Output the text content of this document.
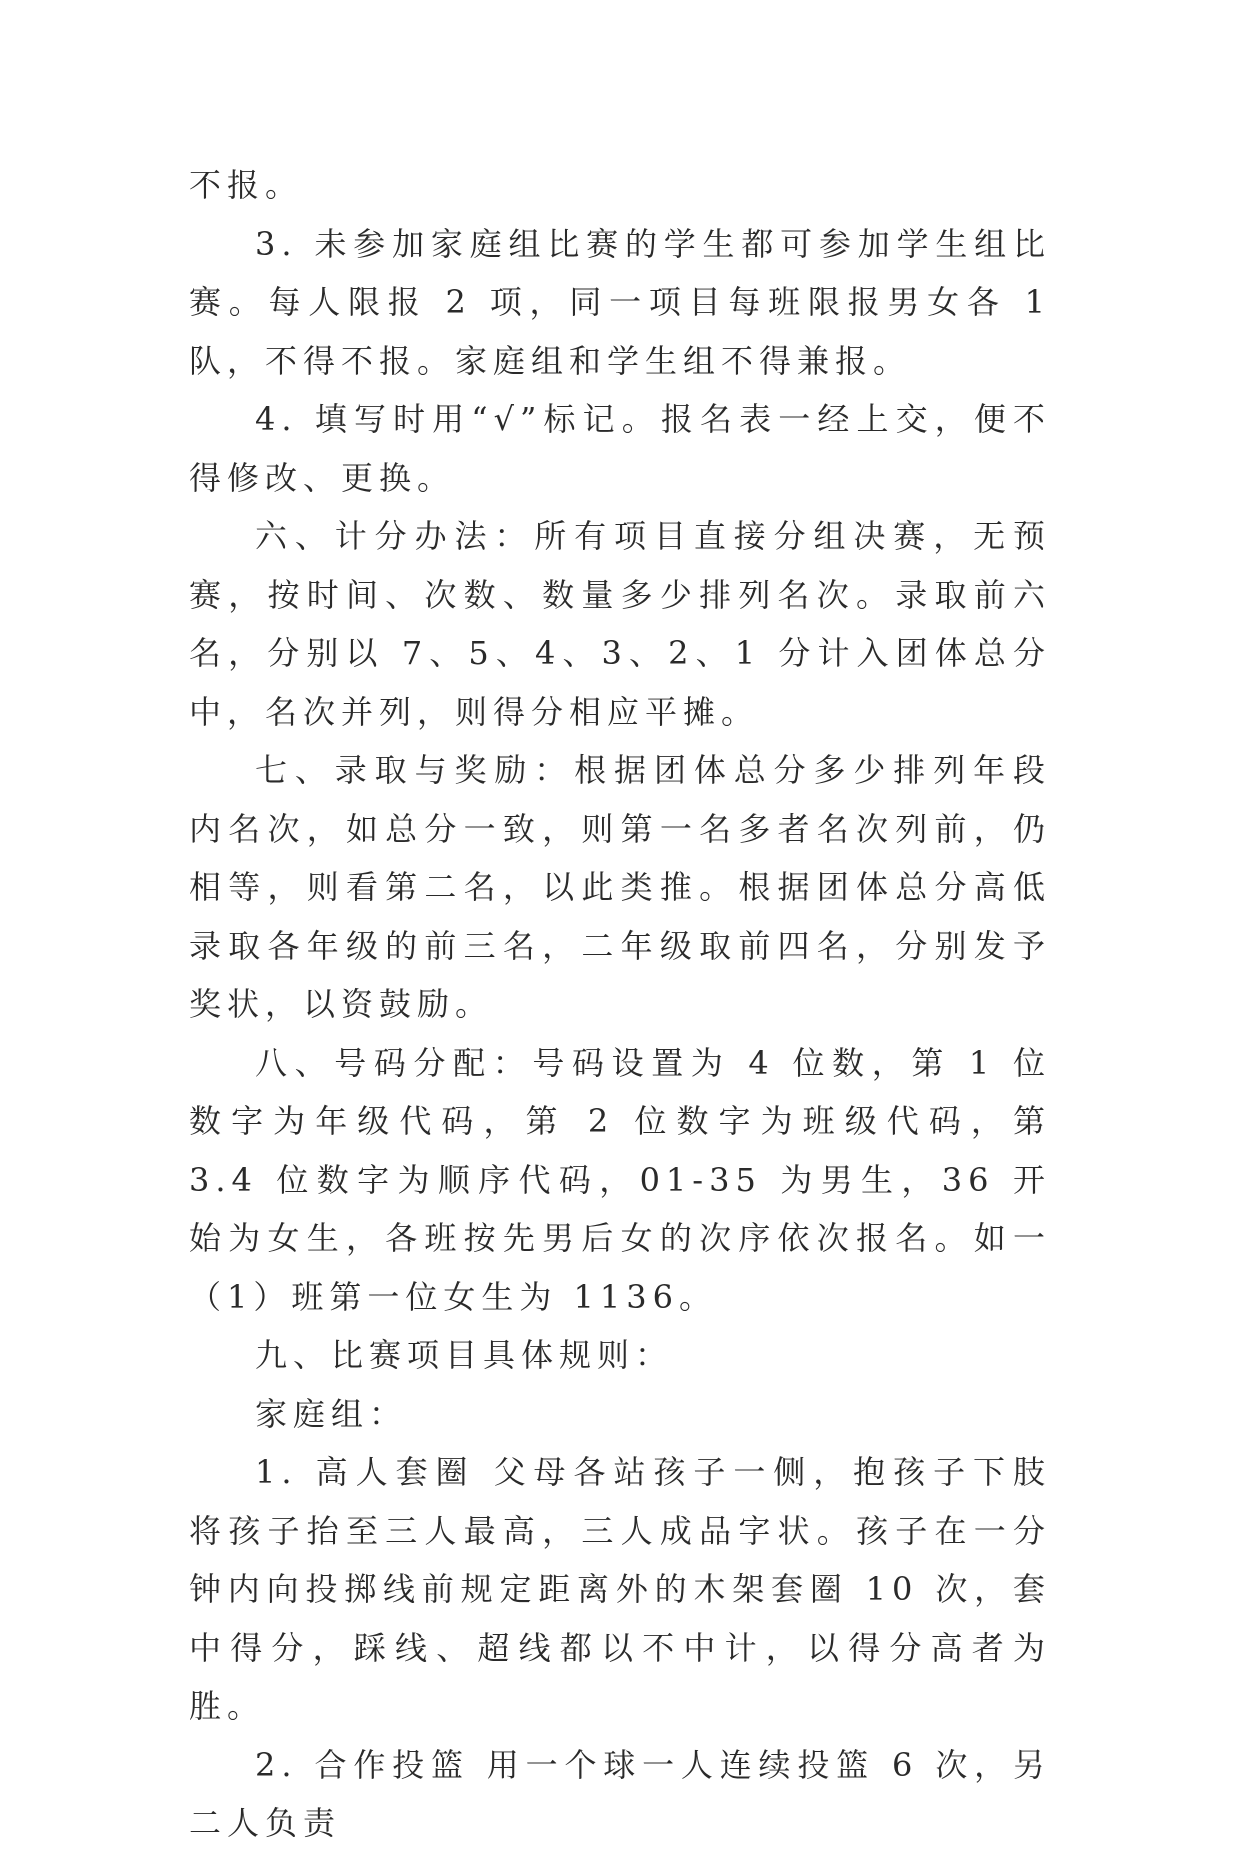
不报。

3. 未参加家庭组比赛的学生都可参加学生组比赛。每人限报 2 项，同一项目每班限报男女各 1 队，不得不报。家庭组和学生组不得兼报。

4. 填写时用“√”标记。报名表一经上交，便不得修改、更换。

六、计分办法：所有项目直接分组决赛，无预赛，按时间、次数、数量多少排列名次。录取前六名，分别以 7、5、4、3、2、1 分计入团体总分中，名次并列，则得分相应平摊。

七、录取与奖励：根据团体总分多少排列年段内名次，如总分一致，则第一名多者名次列前，仍相等，则看第二名，以此类推。根据团体总分高低录取各年级的前三名，二年级取前四名，分别发予奖状，以资鼓励。

八、号码分配：号码设置为 4 位数，第 1 位数字为年级代码，第 2 位数字为班级代码，第 3.4 位数字为顺序代码，01-35 为男生，36 开始为女生，各班按先男后女的次序依次报名。如一（1）班第一位女生为 1136。

九、比赛项目具体规则：

家庭组：

1. 高人套圈 父母各站孩子一侧，抱孩子下肢将孩子抬至三人最高，三人成品字状。孩子在一分钟内向投掷线前规定距离外的木架套圈 10 次，套中得分，踩线、超线都以不中计，以得分高者为胜。

2. 合作投篮 用一个球一人连续投篮 6 次，另二人负责
